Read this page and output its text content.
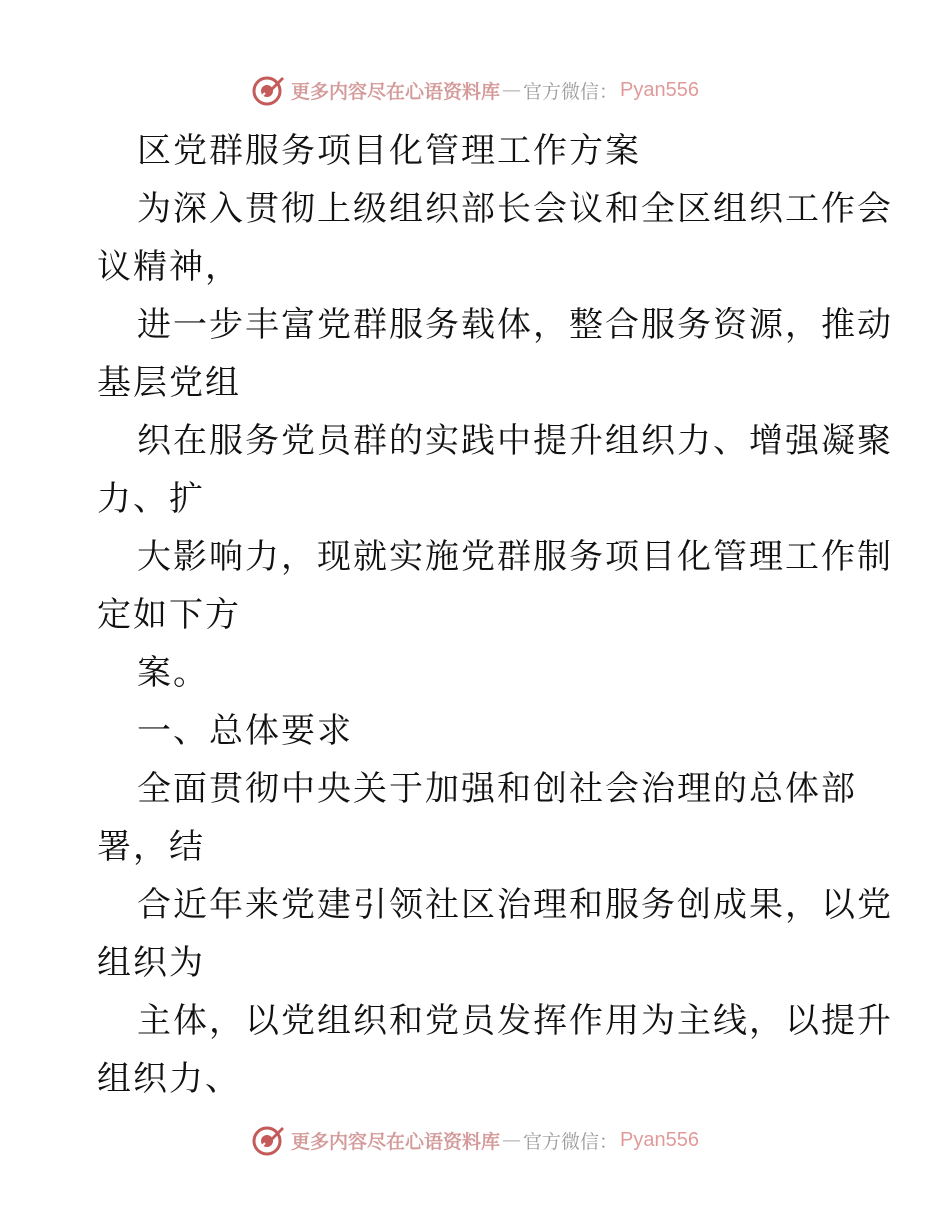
更多内容尽在心语资料库 — 官方微信： Pyan556
区党群服务项目化管理工作方案
为深入贯彻上级组织部长会议和全区组织工作会
议精神，
进一步丰富党群服务载体，整合服务资源，推动
基层党组
织在服务党员群的实践中提升组织力、增强凝聚
力、扩
大影响力，现就实施党群服务项目化管理工作制
定如下方
案。
一、总体要求
全面贯彻中央关于加强和创社会治理的总体部
署，结
合近年来党建引领社区治理和服务创成果，以党
组织为
主体，以党组织和党员发挥作用为主线，以提升
组织力、
更多内容尽在心语资料库 — 官方微信： Pyan556
